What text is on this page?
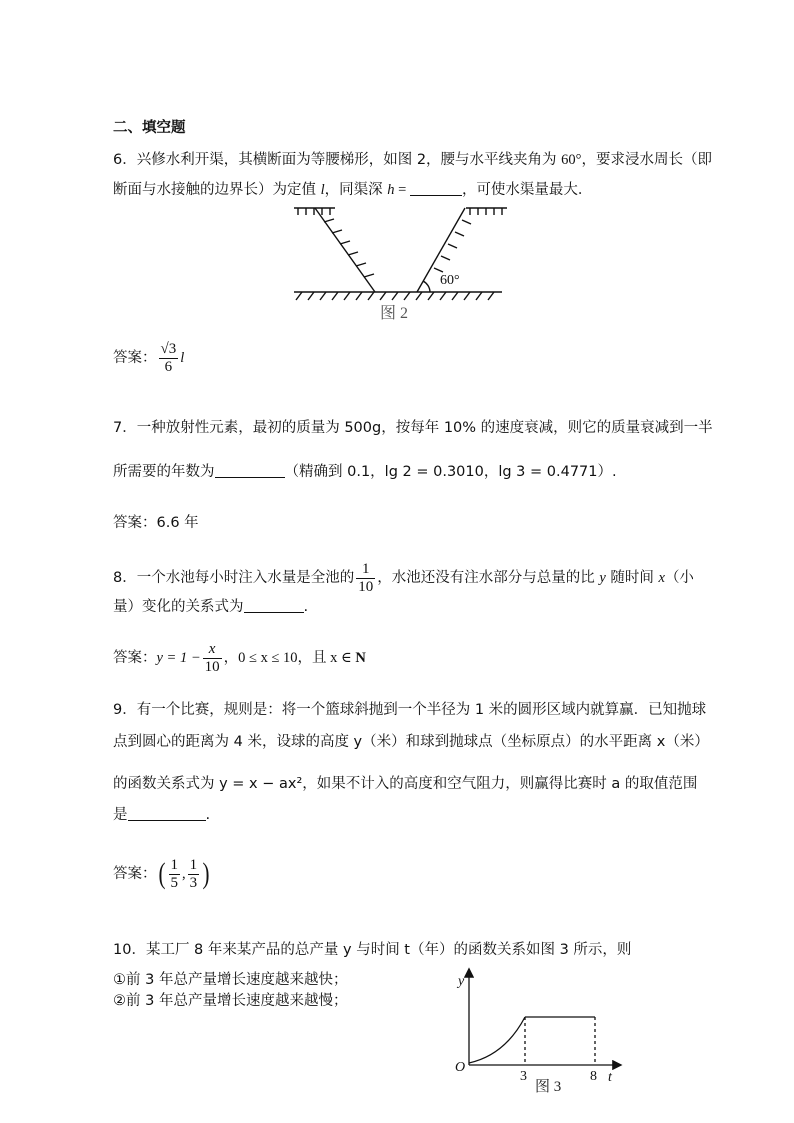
二、填空题
6．兴修水利开渠，其横断面为等腰梯形，如图 2，腰与水平线夹角为 60°，要求浸水周长（即
断面与水接触的边界长）为定值 l，同渠深 h =	，可使水渠量最大．
60°
图 2
答案： $\frac{√3}{6}$ l
7．一种放射性元素，最初的质量为 500g，按每年 10% 的速度衰减，则它的质量衰减到一半
所需要的年数为	（精确到 0.1，lg 2 = 0.3010，lg 3 = 0.4771）.
答案：6.6 年
8．一个水池每小时注入水量是全池的 $\frac{1}{10}$ ，水池还没有注水部分与总量的比 y 随时间 x（小
量）变化的关系式为	.
答案：$y = 1 - \frac{x}{10}$ ，0 ≤ x ≤ 10，且 x ∈ N
9．有一个比赛，规则是：将一个篮球斜抛到一个半径为 1 米的圆形区域内就算赢．已知抛球
点到圆心的距离为 4 米，设球的高度 y（米）和球到抛球点（坐标原点）的水平距离 x（米）
的函数关系式为 y = x − ax²，如果不计入的高度和空气阻力，则赢得比赛时 a 的取值范围
是	.
答案：( $\frac{1}{5}$ , $\frac{1}{3}$ )
10．某工厂 8 年来某产品的总产量 y 与时间 t（年）的函数关系如图 3 所示，则
①前 3 年总产量增长速度越来越快；
②前 3 年总产量增长速度越来越慢；
y
t
O
3	8
图 3
